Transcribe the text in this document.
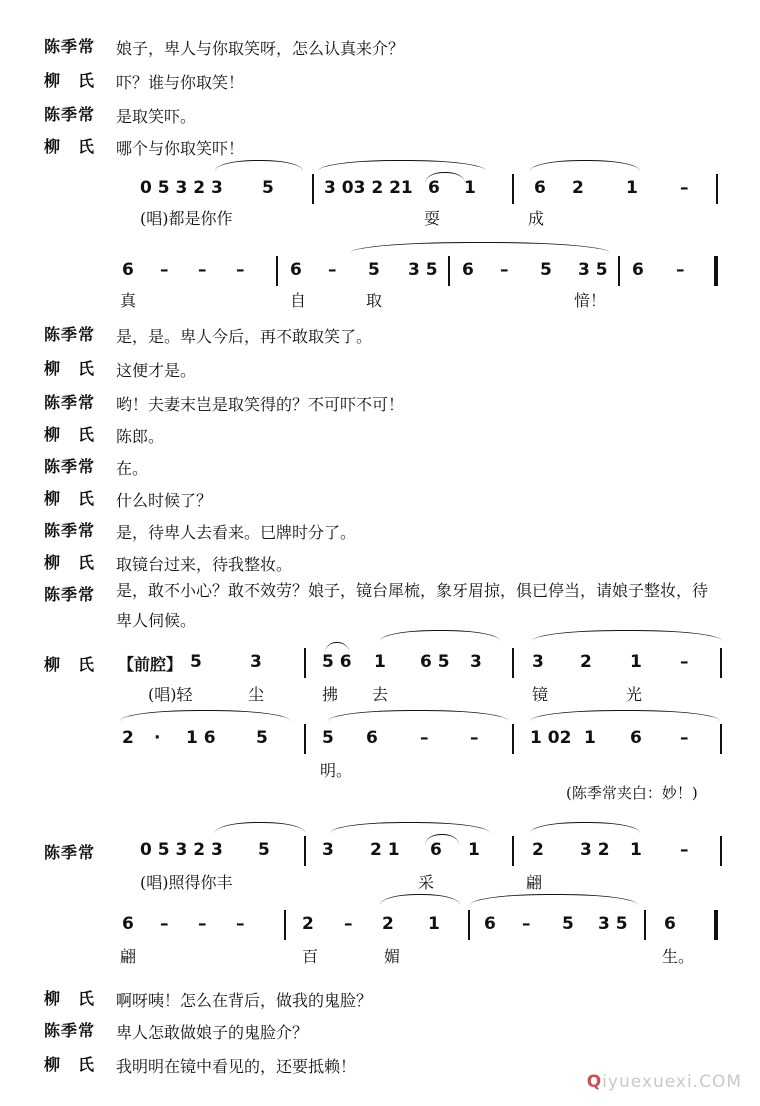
陈季常	娘子，卑人与你取笑呀，怎么认真来介？
柳　氏	吓？谁与你取笑！
陈季常	是取笑吓。
柳　氏	哪个与你取笑吓！
0 5 3 2 3 5	3 03 2 21 6 1	6 2 1 –
(唱)都是你作	耍	成
6 – – –	6 – 5 3 5 6 – 5 3 5 6 –
真	自	取	愔！
陈季常	是，是。卑人今后，再不敢取笑了。
柳　氏	这便才是。
陈季常	哟！夫妻末岂是取笑得的？不可吓不可！
柳　氏	陈郎。
陈季常	在。
柳　氏	什么时候了？
陈季常	是，待卑人去看来。巳牌时分了。
柳　氏	取镜台过来，待我整妆。
陈季常	是，敢不小心？敢不效劳？娘子，镜台犀梳，象牙眉掠，俱已停当，请娘子整妆，待卑人伺候。
柳　氏	【前腔】 5	3	5 6 1 6 5 3	3 2 1 –
(唱)轻	尘	拂 去	镜	光
2 · 1 6 5	5 6 – –	1 02 1 6 –
明。
(陈季常夹白：妙！)
陈季常	0 5 3 2 3 5	3 2 1 6 1	2 3 2 1 –
(唱)照得你丰	采	翩
6 – – –	2 – 2 1	6 – 5 3 5 6
翩	百	媚	生。
柳　氏	啊呀咦！怎么在背后，做我的鬼脸？
陈季常	卑人怎敢做娘子的鬼脸介？
柳　氏	我明明在镜中看见的，还要抵赖！
Qiyuexuexi.COM
